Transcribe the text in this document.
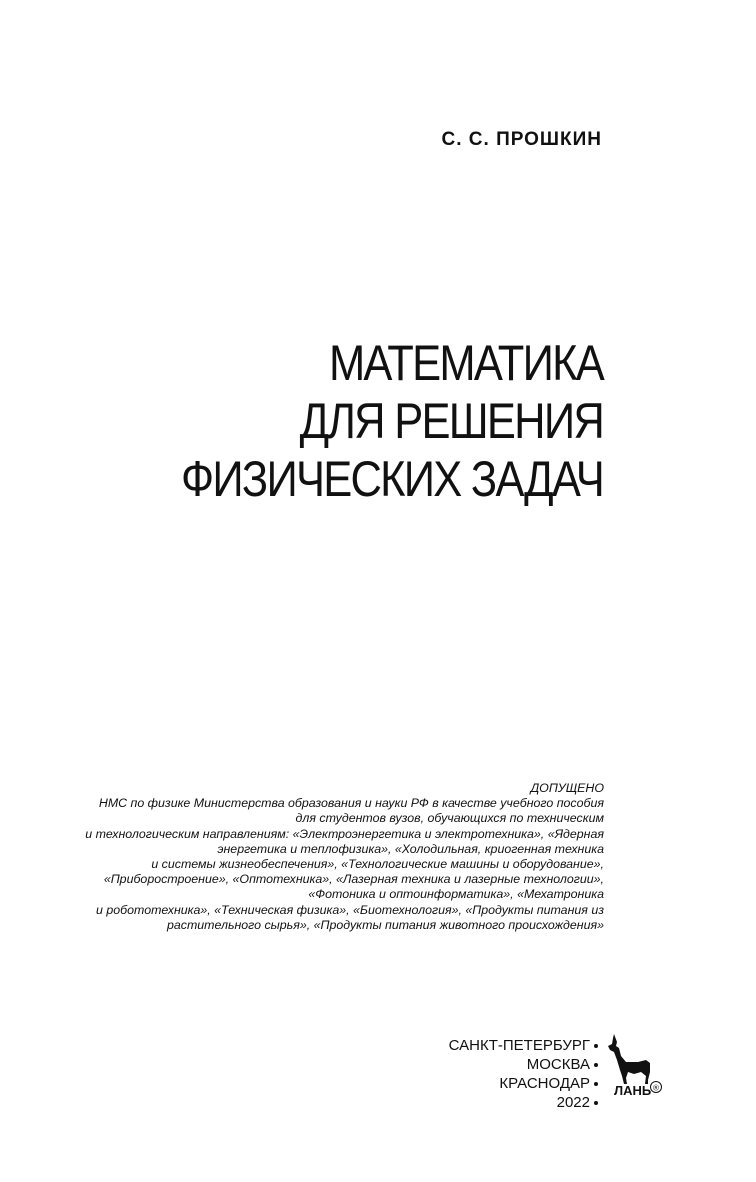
С. С. ПРОШКИН
МАТЕМАТИКА
ДЛЯ РЕШЕНИЯ
ФИЗИЧЕСКИХ ЗАДАЧ
ДОПУЩЕНО
НМС по физике Министерства образования и науки РФ в качестве учебного пособия
для студентов вузов, обучающихся по техническим
и технологическим направлениям: «Электроэнергетика и электротехника», «Ядерная
энергетика и теплофизика», «Холодильная, криогенная техника
и системы жизнеобеспечения», «Технологические машины и оборудование»,
«Приборостроение», «Оптотехника», «Лазерная техника и лазерные технологии»,
«Фотоника и оптоинформатика», «Мехатроника
и робототехника», «Техническая физика», «Биотехнология», «Продукты питания из
растительного сырья», «Продукты питания животного происхождения»
САНКТ-ПЕТЕРБУРГ
МОСКВА
КРАСНОДАР
2022
ЛАНЬ ®
